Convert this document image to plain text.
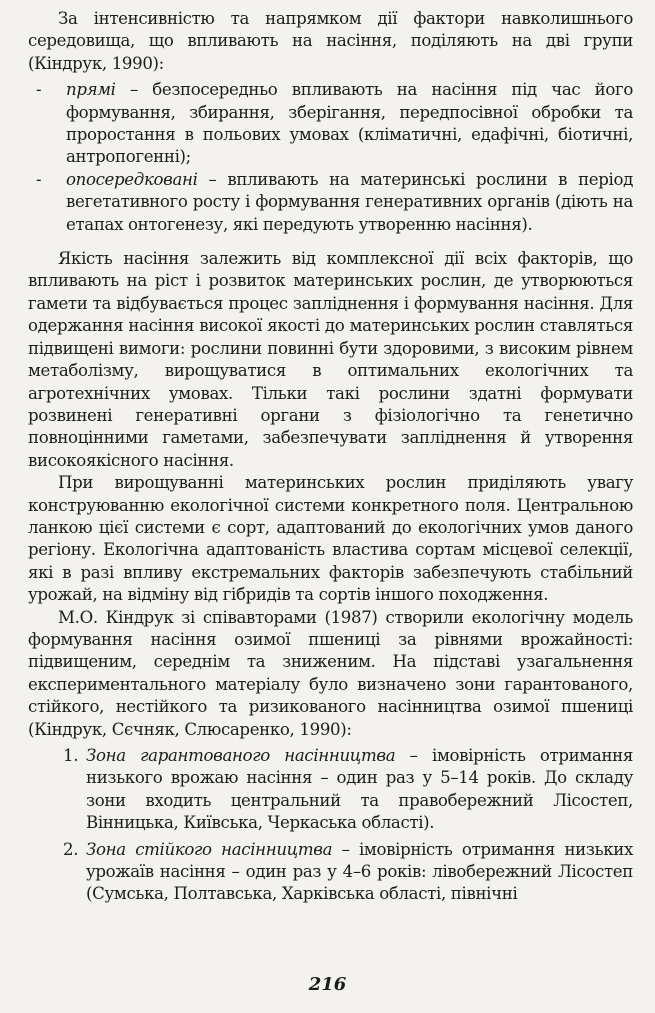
За інтенсивністю та напрямком дії фактори навколишнього середовища, що впливають на насіння, поділяють на дві групи (Кіндрук, 1990):

- прямі – безпосередньо впливають на насіння під час його формування, збирання, зберігання, передпосівної обробки та проростання в польових умовах (кліматичні, едафічні, біотичні, антропогенні);
- опосередковані – впливають на материнські рослини в період вегетативного росту і формування генеративних органів (діють на етапах онтогенезу, які передують утворенню насіння).

Якість насіння залежить від комплексної дії всіх факторів, що впливають на ріст і розвиток материнських рослин, де утворюються гамети та відбувається процес запліднення і формування насіння. Для одержання насіння високої якості до материнських рослин ставляться підвищені вимоги: рослини повинні бути здоровими, з високим рівнем метаболізму, вирощуватися в оптимальних екологічних та агротехнічних умовах. Тільки такі рослини здатні формувати розвинені генеративні органи з фізіологічно та генетично повноцінними гаметами, забезпечувати запліднення й утворення високоякісного насіння.

При вирощуванні материнських рослин приділяють увагу конструюванню екологічної системи конкретного поля. Центральною ланкою цієї системи є сорт, адаптований до екологічних умов даного регіону. Екологічна адаптованість властива сортам місцевої селекції, які в разі впливу екстремальних факторів забезпечують стабільний урожай, на відміну від гібридів та сортів іншого походження.

М.О. Кіндрук зі співавторами (1987) створили екологічну модель формування насіння озимої пшениці за рівнями врожайності: підвищеним, середнім та зниженим. На підставі узагальнення експериментального матеріалу було визначено зони гарантованого, стійкого, нестійкого та ризикованого насінництва озимої пшениці (Кіндрук, Сєчняк, Слюсаренко, 1990):

1. Зона гарантованого насінництва – імовірність отримання низького врожаю насіння – один раз у 5–14 років. До складу зони входить центральний та правобережний Лісостеп, Вінницька, Київська, Черкаська області).
2. Зона стійкого насінництва – імовірність отримання низьких урожаїв насіння – один раз у 4–6 років: лівобережний Лісостеп (Сумська, Полтавська, Харківська області, північні
216
